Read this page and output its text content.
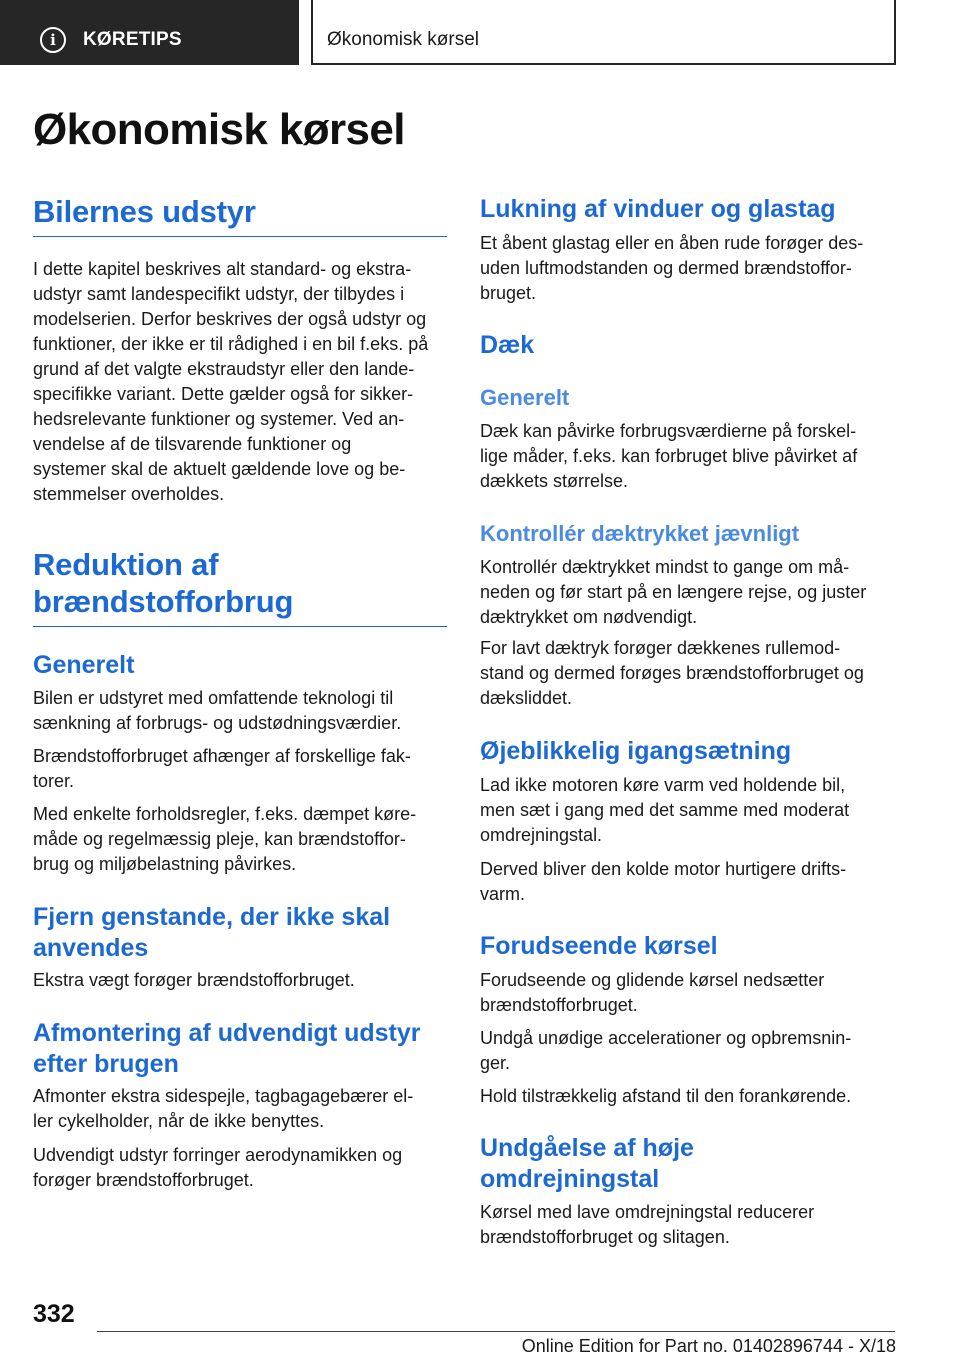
i	KØRETIPS	Økonomisk kørsel
Økonomisk kørsel
Bilernes udstyr
I dette kapitel beskrives alt standard- og ekstra-
udstyr samt landespecifikt udstyr, der tilbydes i
modelserien. Derfor beskrives der også udstyr og
funktioner, der ikke er til rådighed i en bil f.eks. på
grund af det valgte ekstraudstyr eller den lande-
specifikke variant. Dette gælder også for sikker-
hedsrelevante funktioner og systemer. Ved an-
vendelse af de tilsvarende funktioner og
systemer skal de aktuelt gældende love og be-
stemmelser overholdes.
Reduktion af
brændstofforbrug
Generelt
Bilen er udstyret med omfattende teknologi til
sænkning af forbrugs- og udstødningsværdier.
Brændstofforbruget afhænger af forskellige fak-
torer.
Med enkelte forholdsregler, f.eks. dæmpet køre-
måde og regelmæssig pleje, kan brændstoffor-
brug og miljøbelastning påvirkes.
Fjern genstande, der ikke skal
anvendes
Ekstra vægt forøger brændstofforbruget.
Afmontering af udvendigt udstyr
efter brugen
Afmonter ekstra sidespejle, tagbagagebærer el-
ler cykelholder, når de ikke benyttes.
Udvendigt udstyr forringer aerodynamikken og
forøger brændstofforbruget.
Lukning af vinduer og glastag
Et åbent glastag eller en åben rude forøger des-
uden luftmodstanden og dermed brændstoffor-
bruget.
Dæk
Generelt
Dæk kan påvirke forbrugsværdierne på forskel-
lige måder, f.eks. kan forbruget blive påvirket af
dækkets størrelse.
Kontrollér dæktrykket jævnligt
Kontrollér dæktrykket mindst to gange om må-
neden og før start på en længere rejse, og juster
dæktrykket om nødvendigt.
For lavt dæktryk forøger dækkenes rullemod-
stand og dermed forøges brændstofforbruget og
dæksliddet.
Øjeblikkelig igangsætning
Lad ikke motoren køre varm ved holdende bil,
men sæt i gang med det samme med moderat
omdrejningstal.
Derved bliver den kolde motor hurtigere drifts-
varm.
Forudseende kørsel
Forudseende og glidende kørsel nedsætter
brændstofforbruget.
Undgå unødige accelerationer og opbremsnin-
ger.
Hold tilstrækkelig afstand til den forankørende.
Undgåelse af høje
omdrejningstal
Kørsel med lave omdrejningstal reducerer
brændstofforbruget og slitagen.
332
Online Edition for Part no. 01402896744 - X/18
